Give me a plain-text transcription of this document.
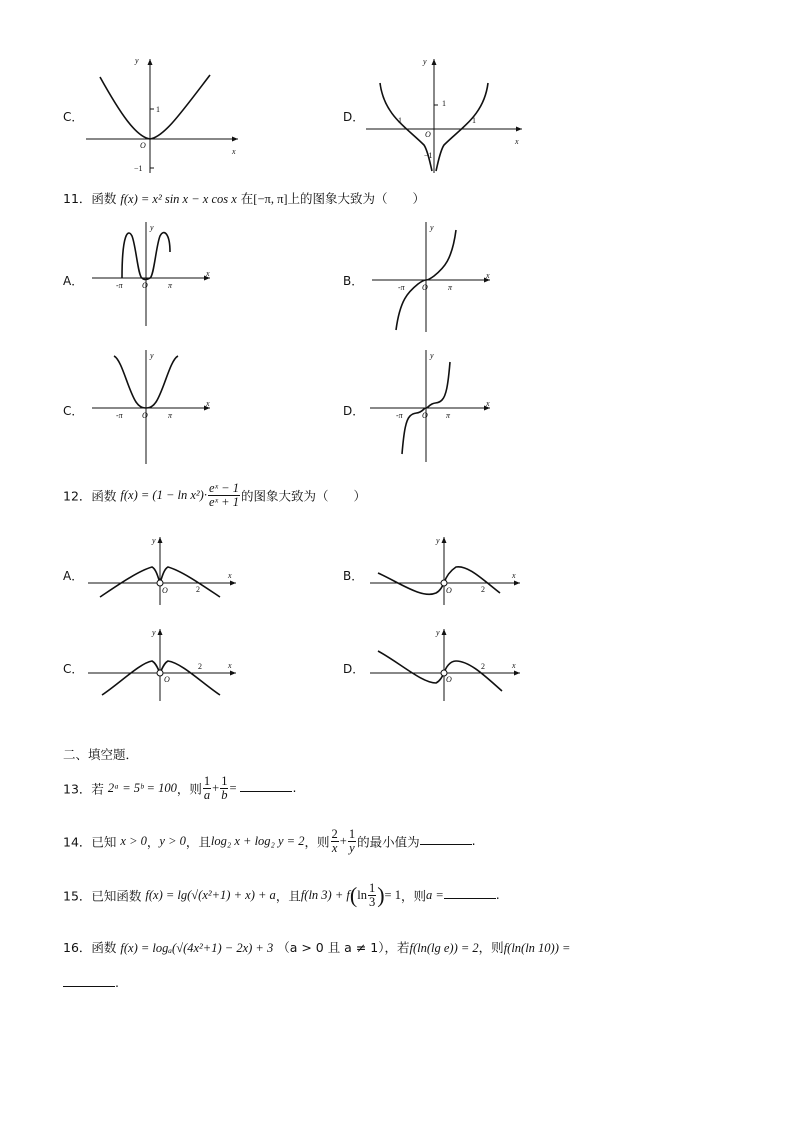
C．
y
x
1
O
−1
D．
y
x
1
1	1
O
−1
11．函数 f(x) = x² sin x − x cos x 在[−π, π]上的图象大致为（　　）
A．
y
x
-π	π
O	B．
y
x
-π	π
O
C．
y
x
-π	π
O	D．
y
x
-π	π
O
12．函数 $f(x) = (1 - \ln x^2)\cdot \frac{\text{eˣ − 1}}{\text{eˣ + 1}}$ 的图象大致为（　　）
A．
y
x
O	2
B．
y
x
O	2
C．
y
x
O
2	D．
y
x
O
2
二、填空题．
13．若 2ᵃ = 5ᵇ = 100，则 $\frac{1}{a} + \frac{1}{b}$ =	.
14．已知 x > 0，y > 0，且log₂ x + log₂ y = 2，则 $\frac{2}{x} + \frac{1}{y}$ 的最小值为	.
15．已知函数 f(x) = lg(√(x²+1) + x) + a，且f(ln $3) + f(\ln \frac{1}{3}$ )= 1，则a =	.
16．函数 f(x) = logₐ(√(4x²+1) − 2x) + 3 （a > 0 且 a ≠ 1），若f(ln(lg e)) = 2，则f(ln(ln 10)) =
.
